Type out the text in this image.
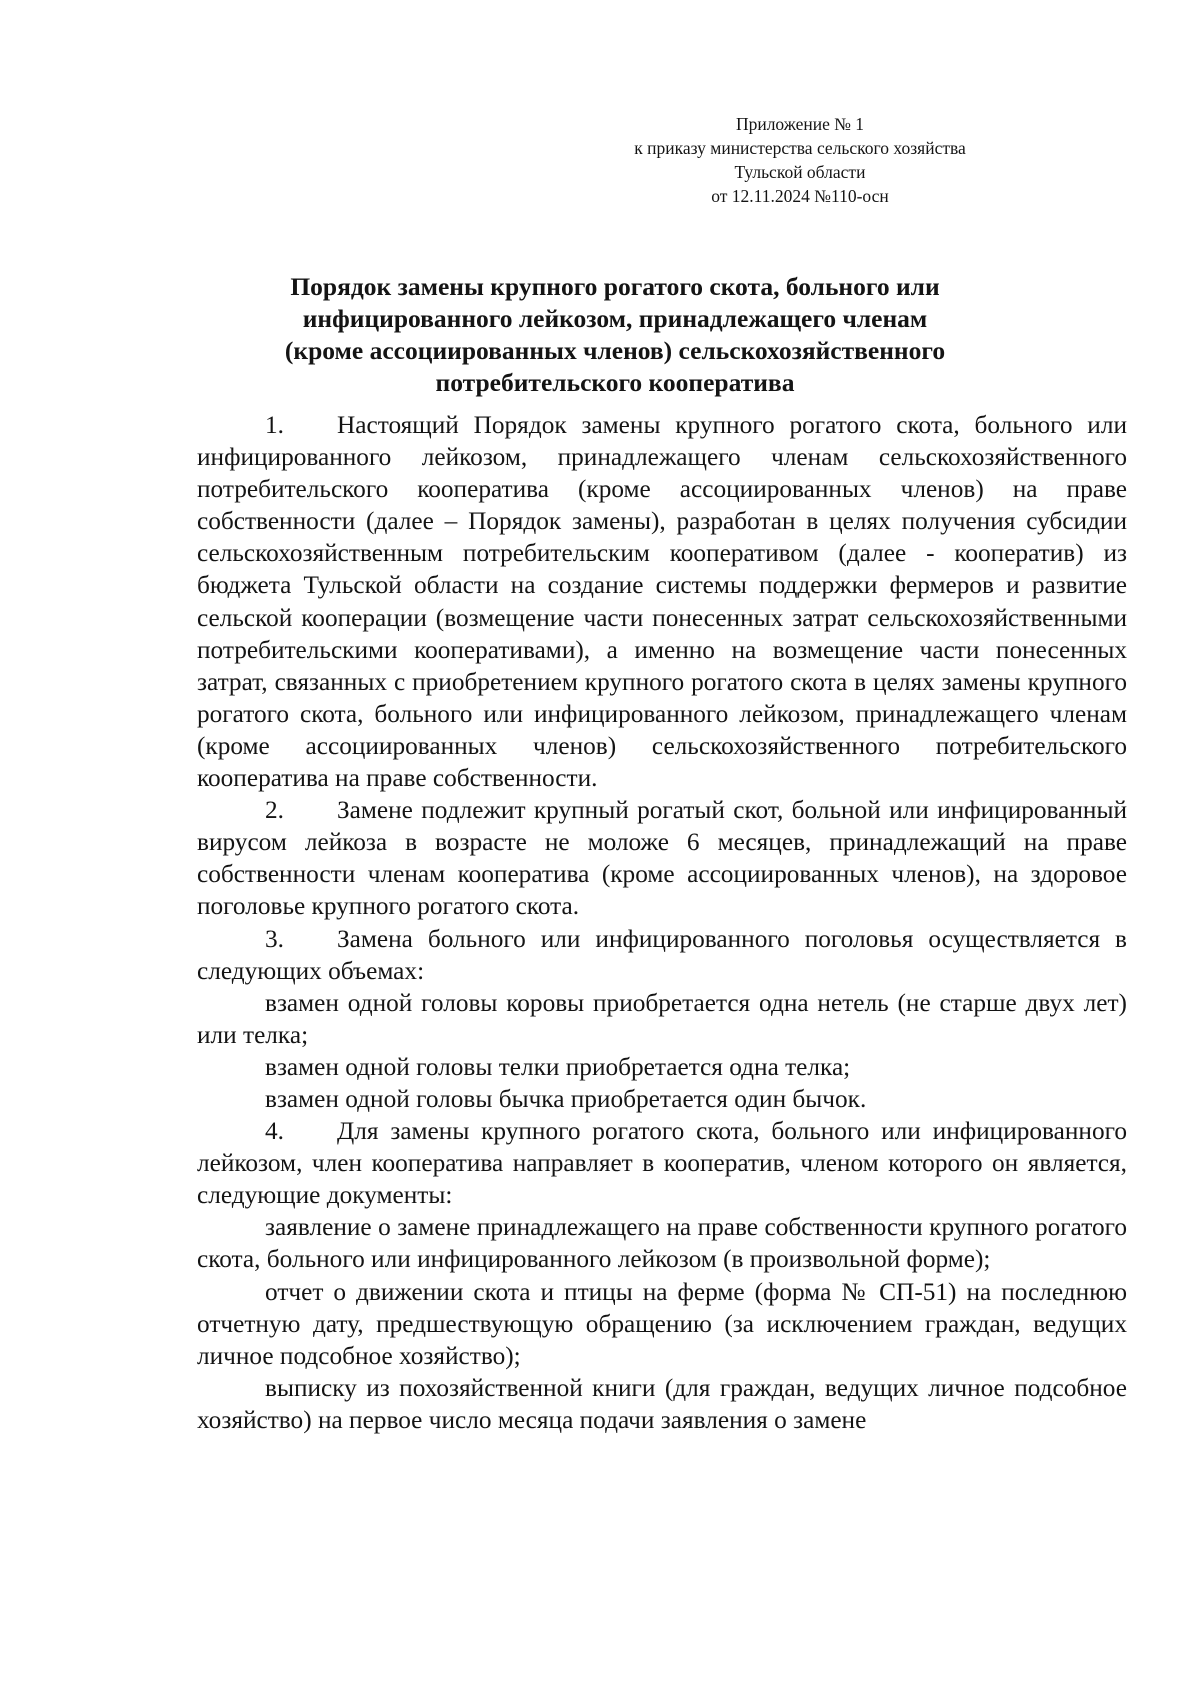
Приложение № 1
к приказу министерства сельского хозяйства
Тульской области
от 12.11.2024 №110-осн
Порядок замены крупного рогатого скота, больного или
инфицированного лейкозом, принадлежащего членам
(кроме ассоциированных членов) сельскохозяйственного
потребительского кооператива

1. Настоящий Порядок замены крупного рогатого скота, больного или инфицированного лейкозом, принадлежащего членам сельскохозяйственного потребительского кооператива (кроме ассоциированных членов) на праве собственности (далее – Порядок замены), разработан в целях получения субсидии сельскохозяйственным потребительским кооперативом (далее - кооператив) из бюджета Тульской области на создание системы поддержки фермеров и развитие сельской кооперации (возмещение части понесенных затрат сельскохозяйственными потребительскими кооперативами), а именно на возмещение части понесенных затрат, связанных с приобретением крупного рогатого скота в целях замены крупного рогатого скота, больного или инфицированного лейкозом, принадлежащего членам (кроме ассоциированных членов) сельскохозяйственного потребительского кооператива на праве собственности.

2. Замене подлежит крупный рогатый скот, больной или инфицированный вирусом лейкоза в возрасте не моложе 6 месяцев, принадлежащий на праве собственности членам кооператива (кроме ассоциированных членов), на здоровое поголовье крупного рогатого скота.

3. Замена больного или инфицированного поголовья осуществляется в следующих объемах:

взамен одной головы коровы приобретается одна нетель (не старше двух лет) или телка;

взамен одной головы телки приобретается одна телка;

взамен одной головы бычка приобретается один бычок.

4. Для замены крупного рогатого скота, больного или инфицированного лейкозом, член кооператива направляет в кооператив, членом которого он является, следующие документы:

заявление о замене принадлежащего на праве собственности крупного рогатого скота, больного или инфицированного лейкозом (в произвольной форме);

отчет о движении скота и птицы на ферме (форма № СП-51) на последнюю отчетную дату, предшествующую обращению (за исключением граждан, ведущих личное подсобное хозяйство);

выписку из похозяйственной книги (для граждан, ведущих личное подсобное хозяйство) на первое число месяца подачи заявления о замене
